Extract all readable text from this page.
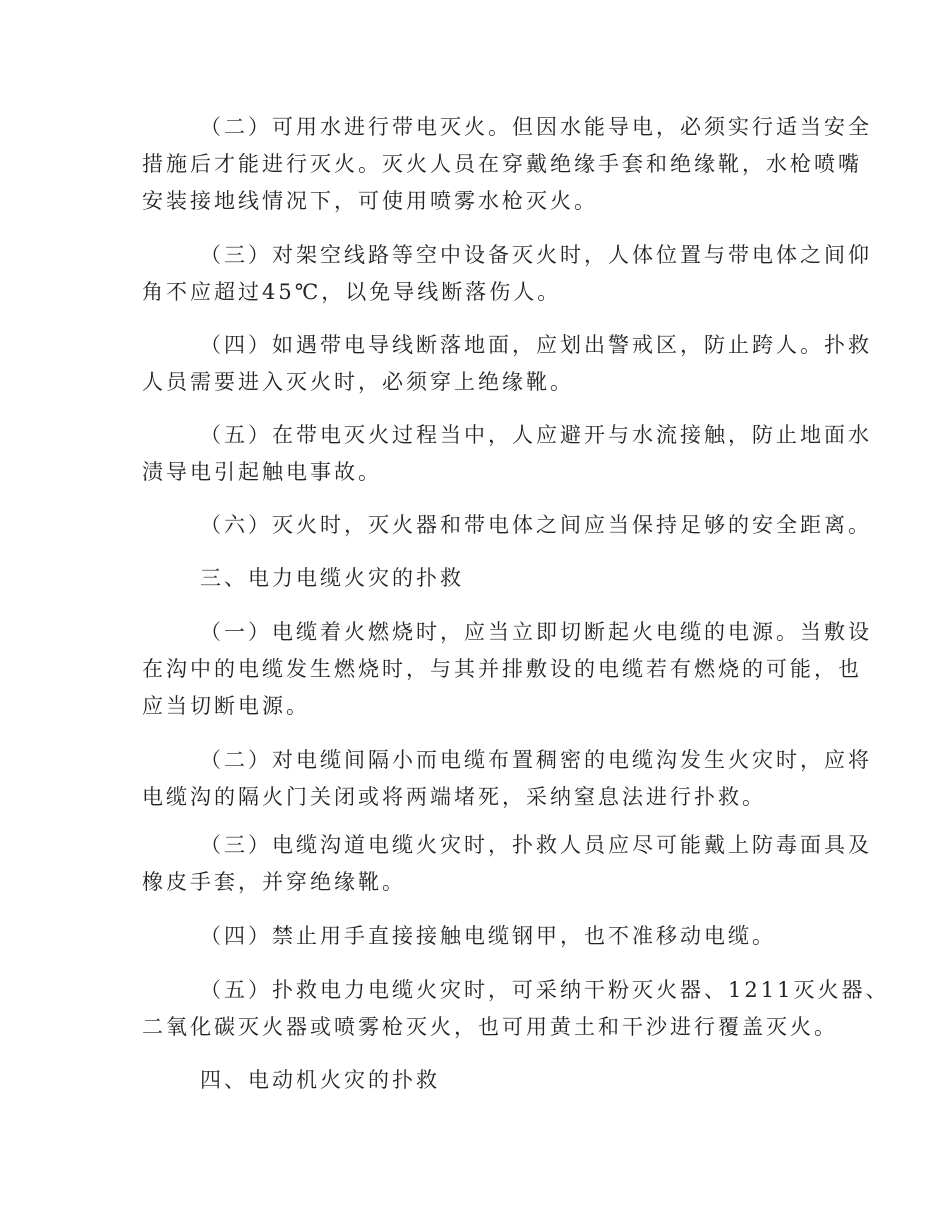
（二）可用水进行带电灭火。但因水能导电，必须实行适当安全
措施后才能进行灭火。灭火人员在穿戴绝缘手套和绝缘靴，水枪喷嘴
安装接地线情况下，可使用喷雾水枪灭火。
（三）对架空线路等空中设备灭火时，人体位置与带电体之间仰
角不应超过45℃，以免导线断落伤人。
（四）如遇带电导线断落地面，应划出警戒区，防止跨人。扑救
人员需要进入灭火时，必须穿上绝缘靴。
（五）在带电灭火过程当中，人应避开与水流接触，防止地面水
渍导电引起触电事故。
（六）灭火时，灭火器和带电体之间应当保持足够的安全距离。
三、电力电缆火灾的扑救
（一）电缆着火燃烧时，应当立即切断起火电缆的电源。当敷设
在沟中的电缆发生燃烧时，与其并排敷设的电缆若有燃烧的可能，也
应当切断电源。
（二）对电缆间隔小而电缆布置稠密的电缆沟发生火灾时，应将
电缆沟的隔火门关闭或将两端堵死，采纳窒息法进行扑救。
（三）电缆沟道电缆火灾时，扑救人员应尽可能戴上防毒面具及
橡皮手套，并穿绝缘靴。
（四）禁止用手直接接触电缆钢甲，也不准移动电缆。
（五）扑救电力电缆火灾时，可采纳干粉灭火器、1211灭火器、
二氧化碳灭火器或喷雾枪灭火，也可用黄土和干沙进行覆盖灭火。
四、电动机火灾的扑救
